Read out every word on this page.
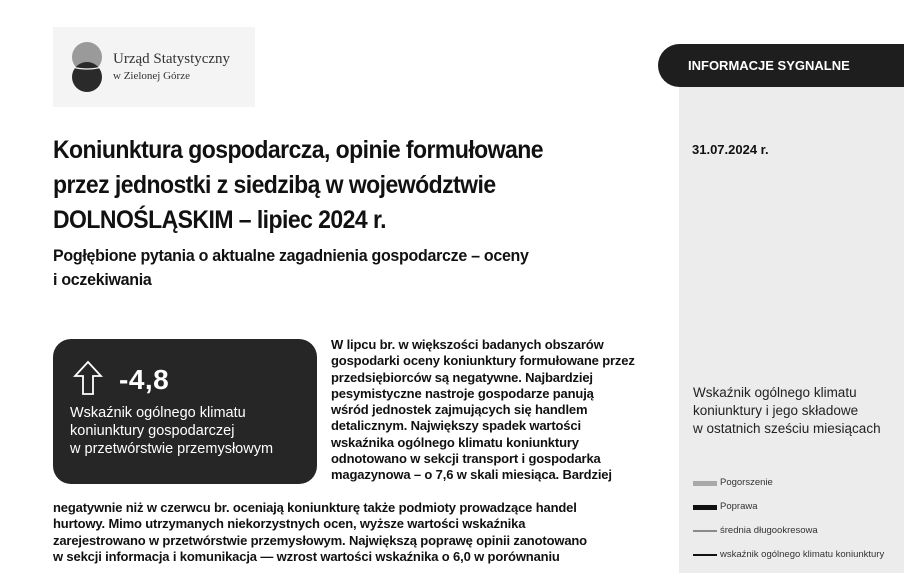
Urząd Statystyczny
w Zielonej Górze
Koniunktura gospodarcza, opinie formułowane
przez jednostki z siedzibą w województwie
DOLNOŚLĄSKIM – lipiec 2024 r.
Pogłębione pytania o aktualne zagadnienia gospodarcze – oceny
i oczekiwania
-4,8
Wskaźnik ogólnego klimatu
koniunktury gospodarczej
w przetwórstwie przemysłowym
W lipcu br. w większości badanych obszarów
gospodarki oceny koniunktury formułowane przez
przedsiębiorców są negatywne. Najbardziej
pesymistyczne nastroje gospodarze panują
wśród jednostek zajmujących się handlem
detalicznym. Największy spadek wartości
wskaźnika ogólnego klimatu koniunktury
odnotowano w sekcji transport i gospodarka
magazynowa – o 7,6 w skali miesiąca. Bardziej
negatywnie niż w czerwcu br. oceniają koniunkturę także podmioty prowadzące handel
hurtowy. Mimo utrzymanych niekorzystnych ocen, wyższe wartości wskaźnika
zarejestrowano w przetwórstwie przemysłowym. Największą poprawę opinii zanotowano
w sekcji informacja i komunikacja — wzrost wartości wskaźnika o 6,0 w porównaniu
INFORMACJE SYGNALNE
31.07.2024 r.
Wskaźnik ogólnego klimatu
koniunktury i jego składowe
w ostatnich sześciu miesiącach
Pogorszenie
Poprawa
średnia długookresowa
wskaźnik ogólnego klimatu koniunktury
